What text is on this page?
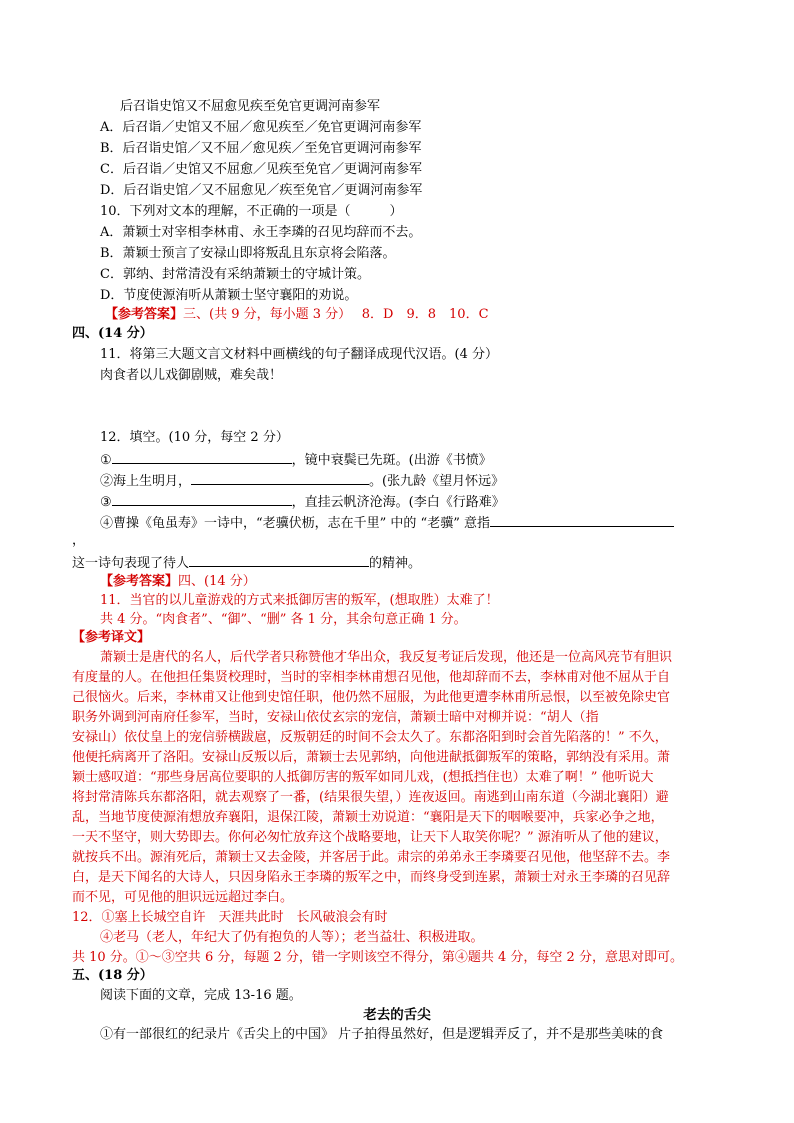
后召诣史馆又不屈愈见疾至免官更调河南参军
A．后召诣／史馆又不屈／愈见疾至／免官更调河南参军
B．后召诣史馆／又不屈／愈见疾／至免官更调河南参军
C．后召诣／史馆又不屈愈／见疾至免官／更调河南参军
D．后召诣史馆／又不屈愈见／疾至免官／更调河南参军
10．下列对文本的理解，不正确的一项是（　　　）
A．萧颖士对宰相李林甫、永王李璘的召见均辞而不去。
B．萧颖士预言了安禄山即将叛乱且东京将会陷落。
C．郭纳、封常清没有采纳萧颖士的守城计策。
D．节度使源洧听从萧颖士坚守襄阳的劝说。
【参考答案】三、(共 9 分，每小题 3 分）　 8．D　9．8　10．C
四、(14 分）
11．将第三大题文言文材料中画横线的句子翻译成现代汉语。(4 分）
肉食者以儿戏御剧贼，难矣哉！
12．填空。(10 分，每空 2 分）
①	，镜中衰鬓已先斑。(出游《书愤》
②海上生明月，	。(张九龄《望月怀远》
③	，直挂云帆济沧海。(李白《行路难》
④曹操《龟虽寿》一诗中，“老骥伏枥，志在千里” 中的 “老骥” 意指
，
这一诗句表现了待人	的精神。
【参考答案】四、(14 分）
11．当官的以儿童游戏的方式来抵御厉害的叛军，(想取胜）太难了！
共 4 分。“肉食者”、“御”、“删” 各 1 分，其余句意正确 1 分。
【参考译文】
萧颖士是唐代的名人，后代学者只称赞他才华出众，我反复考证后发现，他还是一位高风亮节有胆识
有度量的人。在他担任集贤校理时，当时的宰相李林甫想召见他，他却辞而不去，李林甫对他不屈从于自
己很恼火。后来，李林甫又让他到史馆任职，他仍然不屈服，为此他更遭李林甫所忌恨，以至被免除史官
职务外调到河南府任参军，当时，安禄山依仗玄宗的宠信，萧颖士暗中对柳并说：“胡人（指
安禄山）依仗皇上的宠信骄横跋扈，反叛朝廷的时间不会太久了。东都洛阳到时会首先陷落的！” 不久，
他便托病离开了洛阳。安禄山反叛以后，萧颖士去见郭纳，向他进献抵御叛军的策略，郭纳没有采用。萧
颖士感叹道：“那些身居高位要职的人抵御厉害的叛军如同儿戏，(想抵挡住也）太难了啊！” 他听说大
将封常清陈兵东都洛阳，就去观察了一番，(结果很失望，）连夜返回。南逃到山南东道（今湖北襄阳）避
乱，当地节度使源洧想放弃襄阳，退保江陵，萧颖士劝说道：“襄阳是天下的咽喉要冲，兵家必争之地，
一天不坚守，则大势即去。你何必匆忙放弃这个战略要地，让天下人取笑你呢？” 源洧听从了他的建议，
就按兵不出。源洧死后，萧颖士又去金陵，并客居于此。肃宗的弟弟永王李璘要召见他，他坚辞不去。李
白，是天下闻名的大诗人，只因身陷永王李璘的叛军之中，而终身受到连累，萧颖士对永王李璘的召见辞
而不见，可见他的胆识远远超过李白。
12．①塞上长城空自许　天涯共此时　长风破浪会有时
④老马（老人，年纪大了仍有抱负的人等）；老当益壮、积极进取。
共 10 分。①～③空共 6 分，每题 2 分，错一字则该空不得分，第④题共 4 分，每空 2 分，意思对即可。
五、(18 分）
阅读下面的文章，完成 13-16 题。
老去的舌尖
①有一部很红的纪录片《舌尖上的中国》 片子拍得虽然好，但是逻辑弄反了，并不是那些美味的食
